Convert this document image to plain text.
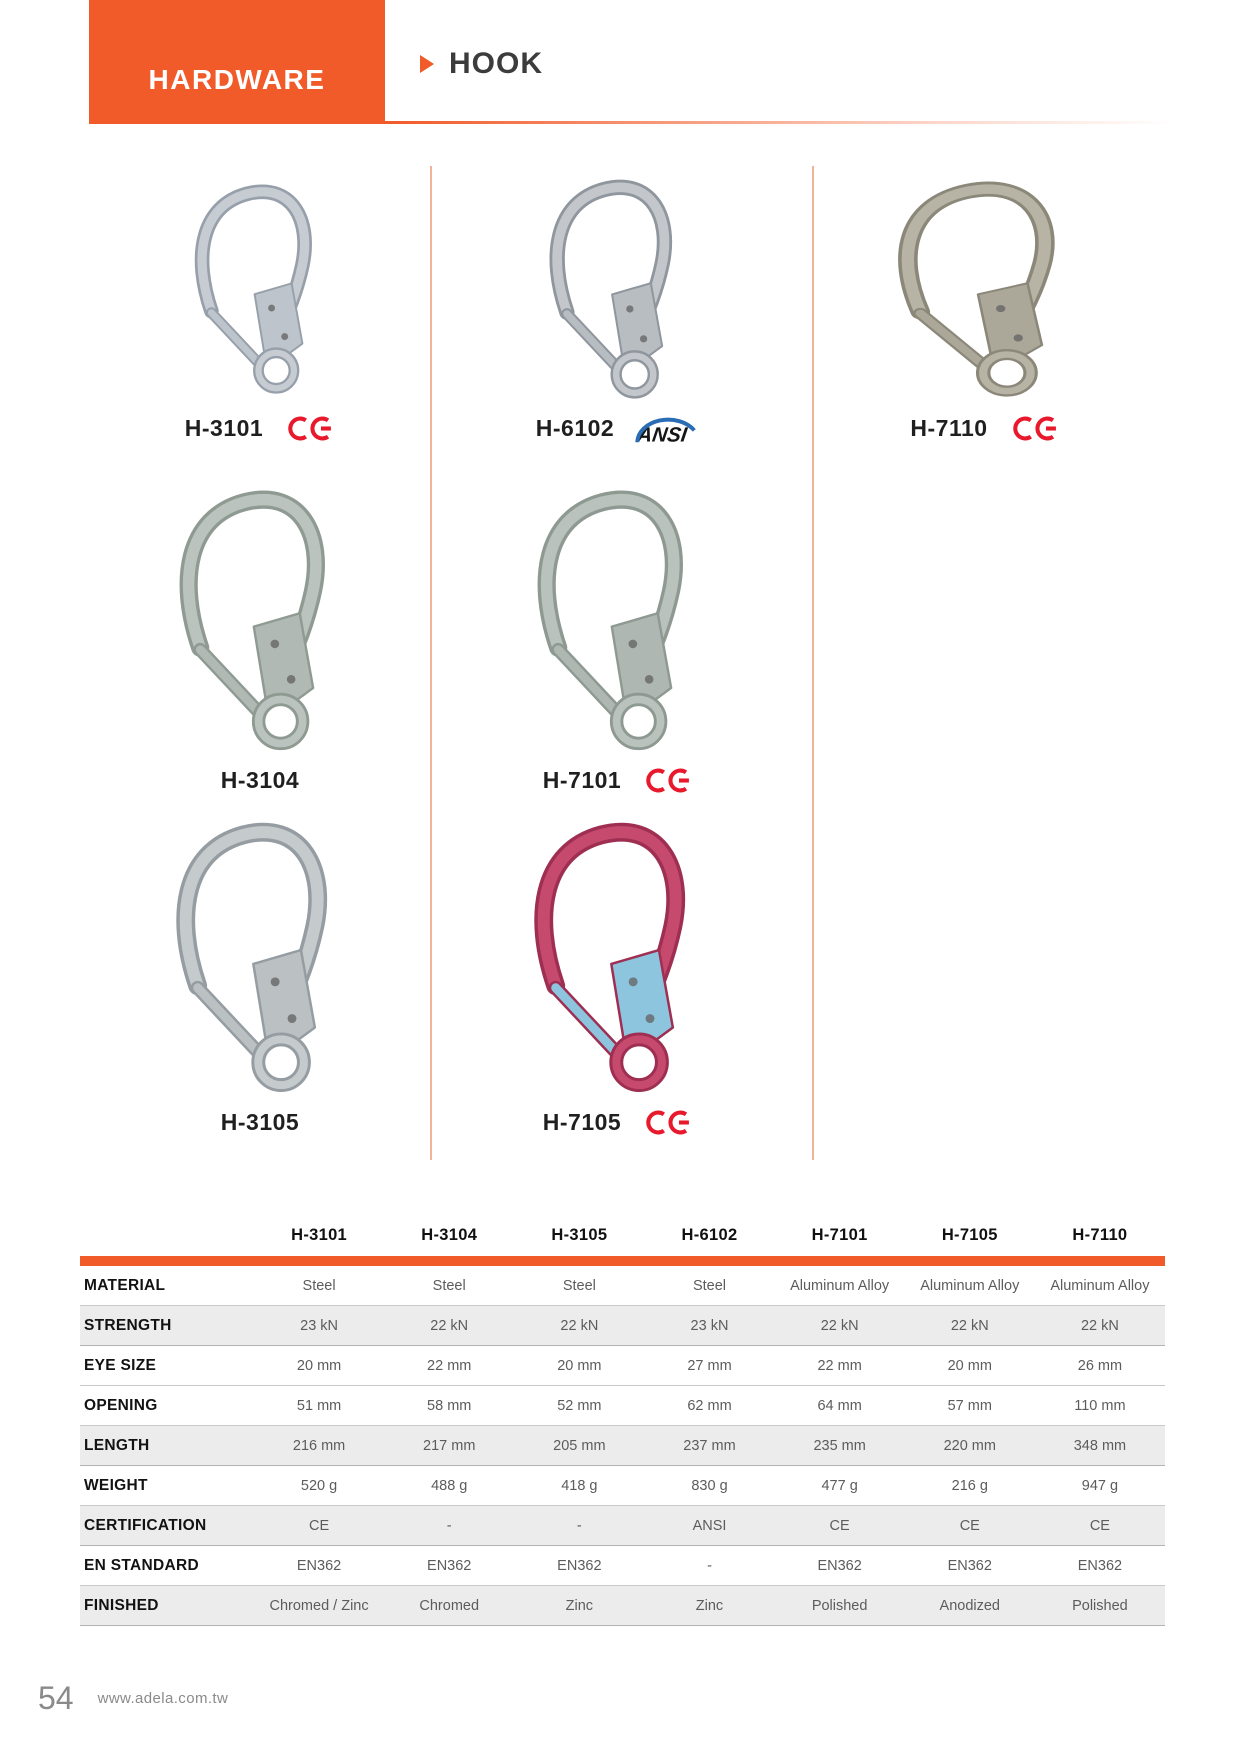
HARDWARE	HOOK
H-3101	H-6102 ANSI	H-7110
H-3104	H-7101
H-3105	H-7105
H-3101	H-3104	H-3105	H-6102	H-7101	H-7105	H-7110
MATERIAL	Steel	Steel	Steel	Steel	Aluminum Alloy	Aluminum Alloy	Aluminum Alloy
STRENGTH	23 kN	22 kN	22 kN	23 kN	22 kN	22 kN	22 kN
EYE SIZE	20 mm	22 mm	20 mm	27 mm	22 mm	20 mm	26 mm
OPENING	51 mm	58 mm	52 mm	62 mm	64 mm	57 mm	110 mm
LENGTH	216 mm	217 mm	205 mm	237 mm	235 mm	220 mm	348 mm
WEIGHT	520 g	488 g	418 g	830 g	477 g	216 g	947 g
CERTIFICATION	CE	-	-	ANSI	CE	CE	CE
EN STANDARD	EN362	EN362	EN362	-	EN362	EN362	EN362
FINISHED	Chromed / Zinc	Chromed	Zinc	Zinc	Polished	Anodized	Polished
54 www.adela.com.tw
